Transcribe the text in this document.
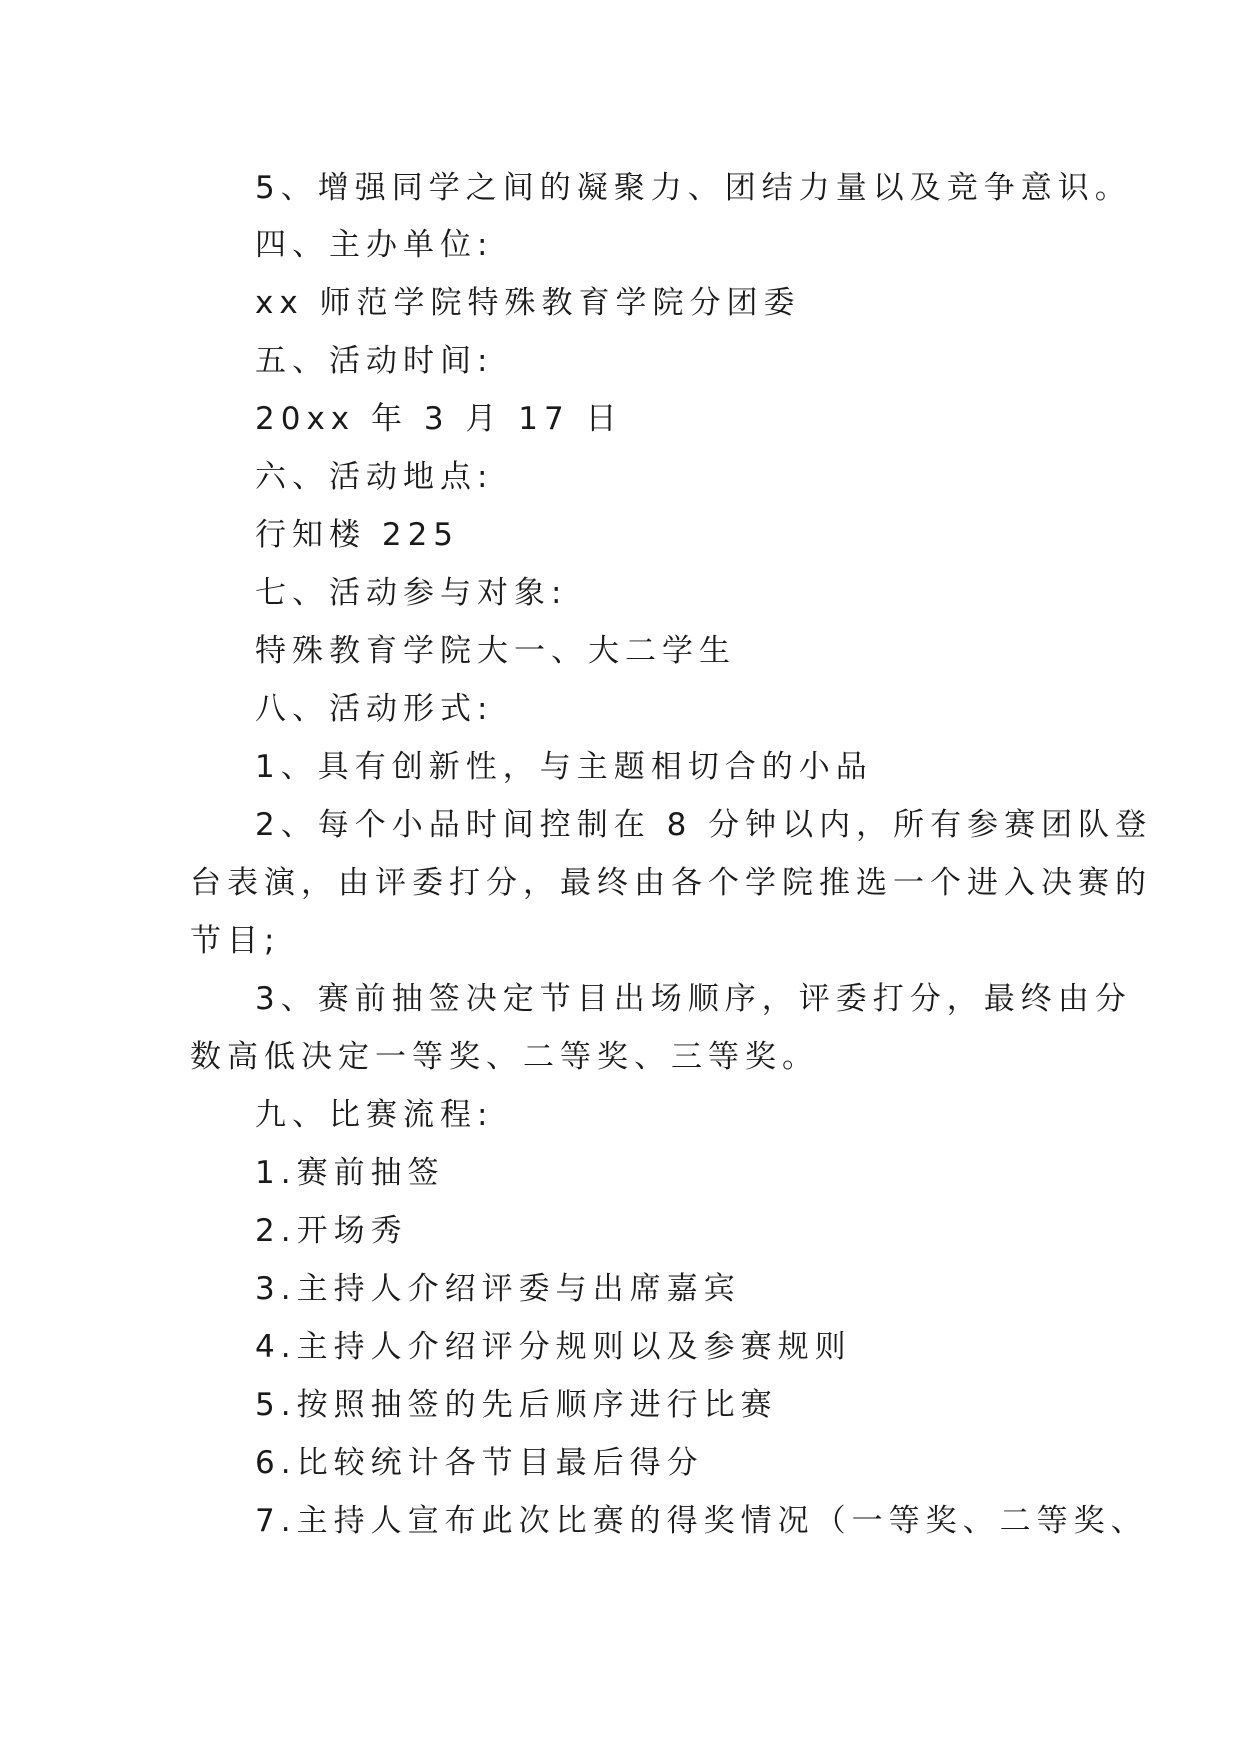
5、增强同学之间的凝聚力、团结力量以及竞争意识。
四、主办单位:
xx 师范学院特殊教育学院分团委
五、活动时间:
20xx 年 3 月 17 日
六、活动地点:
行知楼 225
七、活动参与对象:
特殊教育学院大一、大二学生
八、活动形式:
1、具有创新性，与主题相切合的小品
2、每个小品时间控制在 8 分钟以内，所有参赛团队登
台表演，由评委打分，最终由各个学院推选一个进入决赛的
节目;
3、赛前抽签决定节目出场顺序，评委打分，最终由分
数高低决定一等奖、二等奖、三等奖。
九、比赛流程:
1.赛前抽签
2.开场秀
3.主持人介绍评委与出席嘉宾
4.主持人介绍评分规则以及参赛规则
5.按照抽签的先后顺序进行比赛
6.比较统计各节目最后得分
7.主持人宣布此次比赛的得奖情况（一等奖、二等奖、
